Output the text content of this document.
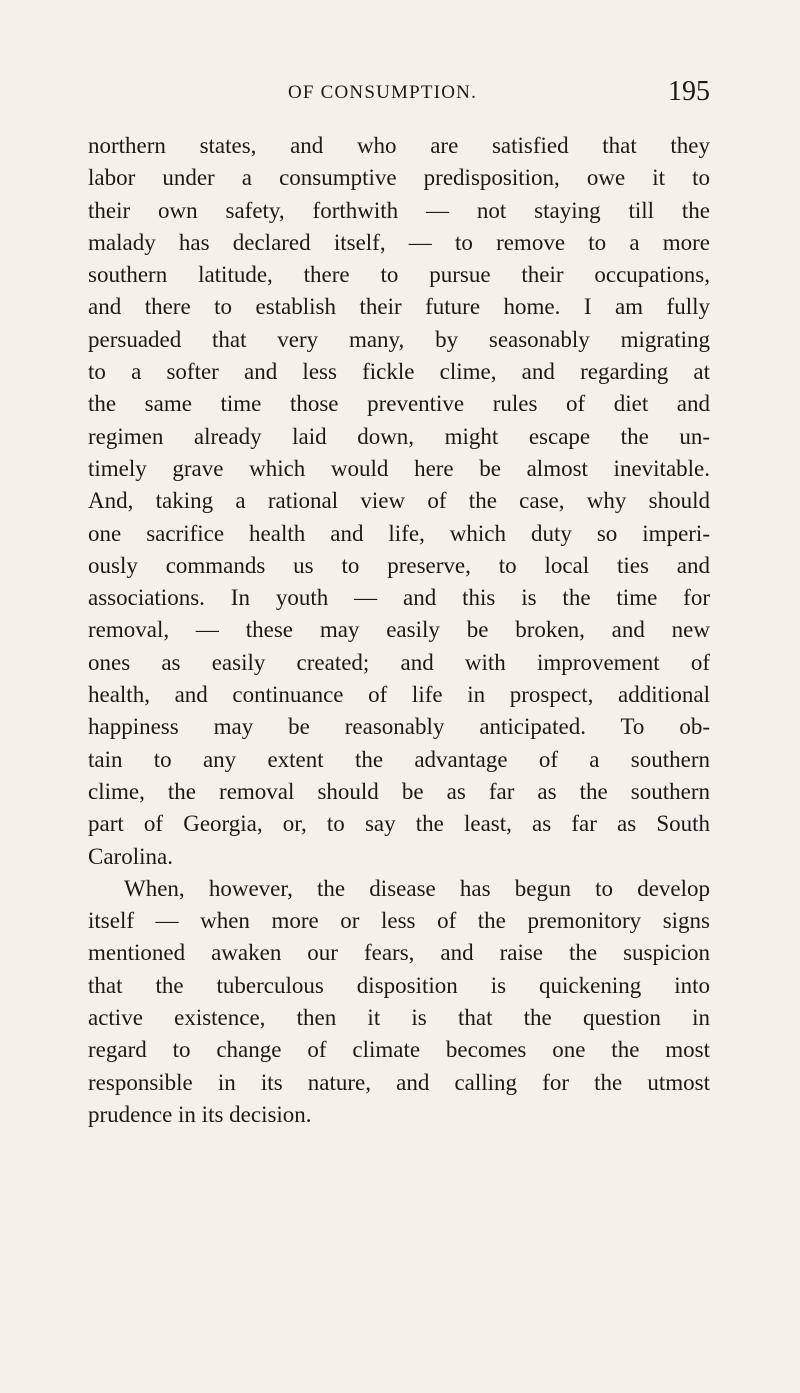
OF CONSUMPTION.	195
northern states, and who are satisfied that they
labor under a consumptive predisposition, owe it to
their own safety, forthwith — not staying till the
malady has declared itself, — to remove to a more
southern latitude, there to pursue their occupations,
and there to establish their future home. I am fully
persuaded that very many, by seasonably migrating
to a softer and less fickle clime, and regarding at
the same time those preventive rules of diet and
regimen already laid down, might escape the un-
timely grave which would here be almost inevitable.
And, taking a rational view of the case, why should
one sacrifice health and life, which duty so imperi-
ously commands us to preserve, to local ties and
associations. In youth — and this is the time for
removal, — these may easily be broken, and new
ones as easily created; and with improvement of
health, and continuance of life in prospect, additional
happiness may be reasonably anticipated. To ob-
tain to any extent the advantage of a southern
clime, the removal should be as far as the southern
part of Georgia, or, to say the least, as far as South
Carolina.
When, however, the disease has begun to develop
itself — when more or less of the premonitory signs
mentioned awaken our fears, and raise the suspicion
that the tuberculous disposition is quickening into
active existence, then it is that the question in
regard to change of climate becomes one the most
responsible in its nature, and calling for the utmost
prudence in its decision.
